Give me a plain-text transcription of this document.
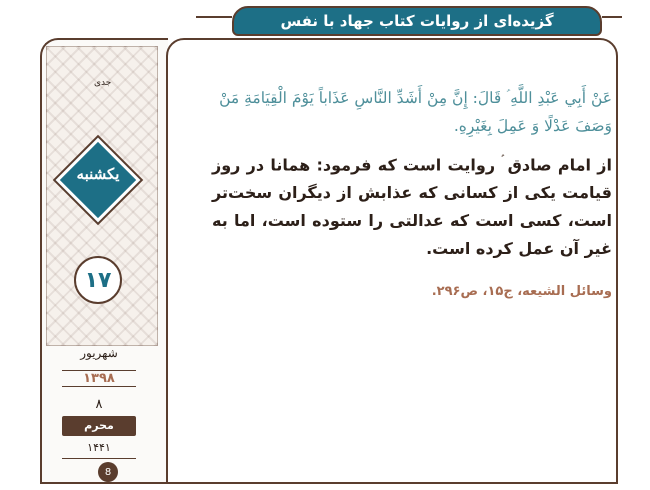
جدی
یکشنبه
۱۷
شهریور
۱۳۹۸
۸
محرم
۱۴۴۱
8
گزیده‌ای از روایات کتاب جهاد با نفس
عَنْ أَبِي عَبْدِ اللَّهِ ؑ قَالَ: إِنَّ مِنْ أَشَدِّ النَّاسِ عَذَاباً يَوْمَ الْقِيَامَةِ مَنْ وَصَفَ عَدْلًا وَ عَمِلَ بِغَيْرِهِ.
از امام صادق روایت است که فرمود: همانا در روز قیامت یکی از کسانی که عذابش از دیگران سخت‌تر است، کسی است که عدالتی را ستوده است، اما به غیر آن عمل کرده است.
وسائل الشیعه، ج۱۵، ص۲۹۶.
